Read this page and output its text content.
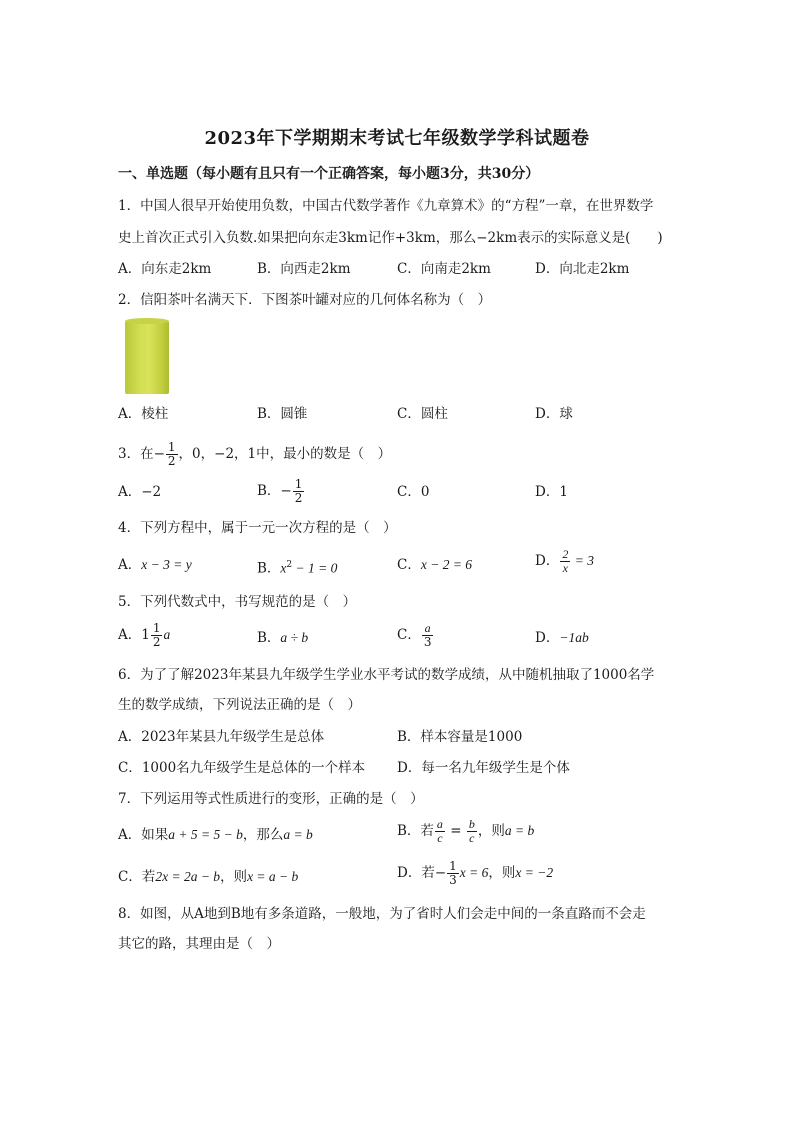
2023年下学期期末考试七年级数学学科试题卷
一、单选题（每小题有且只有一个正确答案，每小题3分，共30分）
1．中国人很早开始使用负数，中国古代数学著作《九章算术》的“方程”一章，在世界数学
史上首次正式引入负数.如果把向东走3km记作+3km，那么−2km表示的实际意义是(　　)
A．向东走2km	B．向西走2km	C．向南走2km	D．向北走2km
2．信阳茶叶名满天下．下图茶叶罐对应的几何体名称为（　）
A．棱柱	B．圆锥	C．圆柱	D．球
3．在− $\frac{1}{2}$ ，0，−2，1中，最小的数是（　）
A．−2	B．− $\frac{1}{2}$	C．0	D．1
4．下列方程中，属于一元一次方程的是（　）
A．x − 3 = y	B．$x^2 - 1 = 0$	C．x − 2 = 6	D． $\frac{2}{x} = 3$
5．下列代数式中，书写规范的是（　）
A．$1 \frac{1}{2}$ a	B．a ÷ b	C． $\frac{a}{3}$	D．−1ab
6．为了了解2023年某县九年级学生学业水平考试的数学成绩，从中随机抽取了1000名学
生的数学成绩，下列说法正确的是（　）
A．2023年某县九年级学生是总体	B．样本容量是1000
C．1000名九年级学生是总体的一个样本 D．每一名九年级学生是个体
7．下列运用等式性质进行的变形，正确的是（　）
A．如果a + 5 = 5 − b，那么a = b	B．若 $\frac{a}{c} = \frac{b}{c}$ ，则a = b
C．若2x = 2a − b，则x = a − b	D．若− $\frac{1}{3}$ x = 6，则x = −2
8．如图，从A地到B地有多条道路，一般地，为了省时人们会走中间的一条直路而不会走
其它的路，其理由是（　）
